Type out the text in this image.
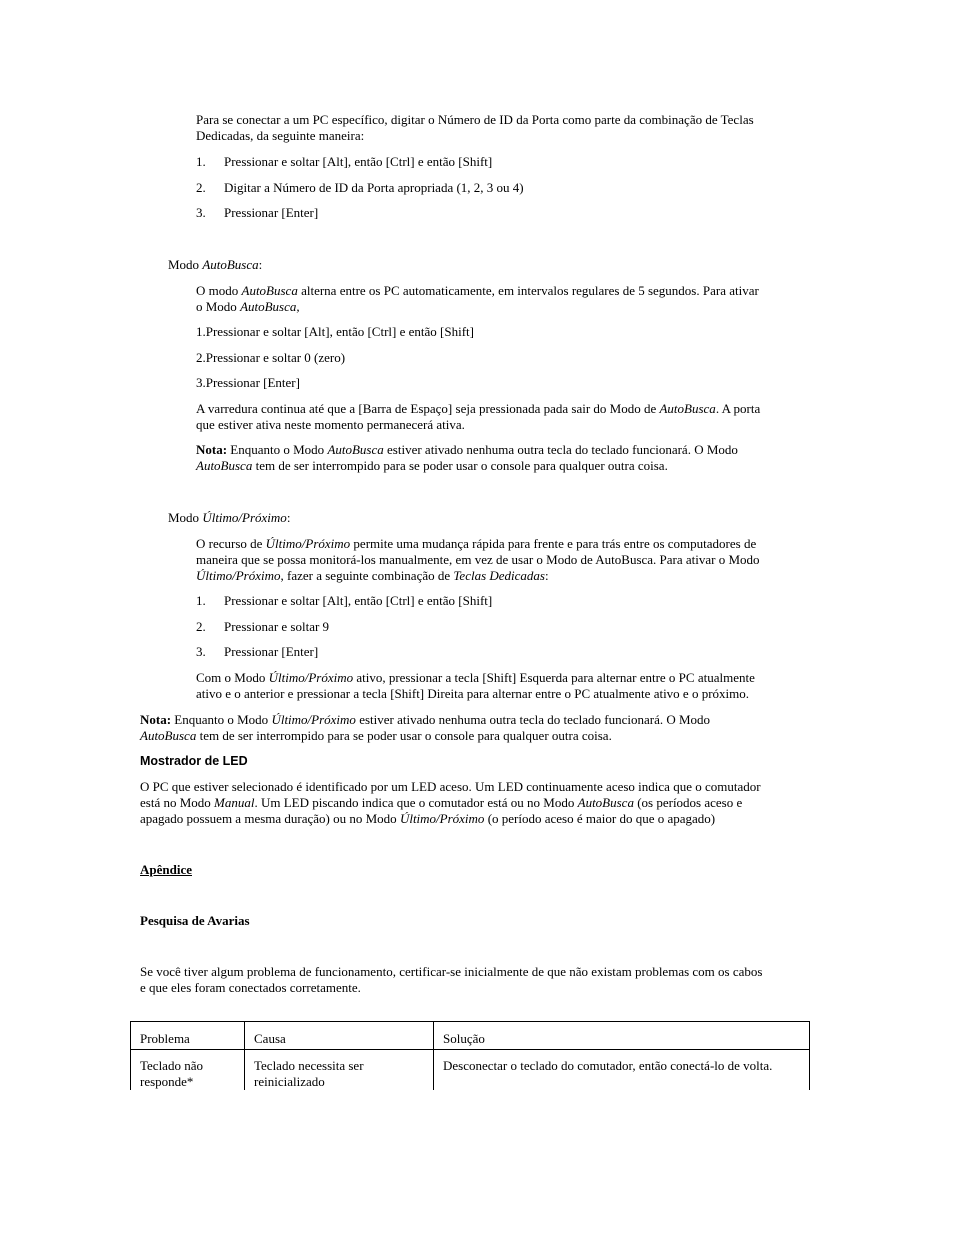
Para se conectar a um PC específico, digitar o Número de ID da Porta como parte da combinação de Teclas
Dedicadas, da seguinte maneira:

1. Pressionar e soltar [Alt], então [Ctrl] e então [Shift]
2. Digitar a Número de ID da Porta apropriada (1, 2, 3 ou 4)
3. Pressionar [Enter]

Modo AutoBusca:

O modo AutoBusca alterna entre os PC automaticamente, em intervalos regulares de 5 segundos. Para ativar
o Modo AutoBusca,

1.Pressionar e soltar [Alt], então [Ctrl] e então [Shift]

2.Pressionar e soltar 0 (zero)

3.Pressionar [Enter]

A varredura continua até que a [Barra de Espaço] seja pressionada pada sair do Modo de AutoBusca. A porta
que estiver ativa neste momento permanecerá ativa.

Nota: Enquanto o Modo AutoBusca estiver ativado nenhuma outra tecla do teclado funcionará. O Modo
AutoBusca tem de ser interrompido para se poder usar o console para qualquer outra coisa.

Modo Último/Próximo:

O recurso de Último/Próximo permite uma mudança rápida para frente e para trás entre os computadores de
maneira que se possa monitorá-los manualmente, em vez de usar o Modo de AutoBusca. Para ativar o Modo
Último/Próximo, fazer a seguinte combinação de Teclas Dedicadas:

1. Pressionar e soltar [Alt], então [Ctrl] e então [Shift]
2. Pressionar e soltar 9
3. Pressionar [Enter]

Com o Modo Último/Próximo ativo, pressionar a tecla [Shift] Esquerda para alternar entre o PC atualmente
ativo e o anterior e pressionar a tecla [Shift] Direita para alternar entre o PC atualmente ativo e o próximo.

Nota: Enquanto o Modo Último/Próximo estiver ativado nenhuma outra tecla do teclado funcionará. O Modo
AutoBusca tem de ser interrompido para se poder usar o console para qualquer outra coisa.

Mostrador de LED

O PC que estiver selecionado é identificado por um LED aceso. Um LED continuamente aceso indica que o comutador
está no Modo Manual. Um LED piscando indica que o comutador está ou no Modo AutoBusca (os períodos aceso e
apagado possuem a mesma duração) ou no Modo Último/Próximo (o período aceso é maior do que o apagado)

Apêndice

Pesquisa de Avarias

Se você tiver algum problema de funcionamento, certificar-se inicialmente de que não existam problemas com os cabos
e que eles foram conectados corretamente.

Problema	Causa	Solução
Teclado não
responde*	Teclado necessita ser
reinicializado	Desconectar o teclado do comutador, então conectá-lo de volta.
